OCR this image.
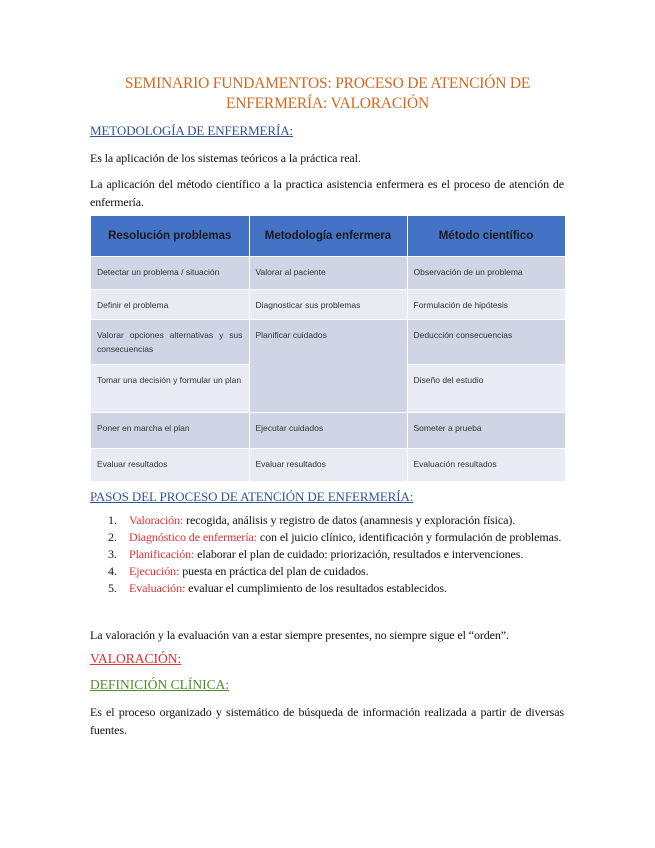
SEMINARIO FUNDAMENTOS: PROCESO DE ATENCIÓN DE ENFERMERÍA: VALORACIÓN
METODOLOGÍA DE ENFERMERÍA:
Es la aplicación de los sistemas teóricos a la práctica real.
La aplicación del método científico a la practica asistencia enfermera es el proceso de atención de enfermería.
Resolución problemas	Metodología enfermera	Método científico
Detectar un problema / situación	Valorar al paciente	Observación de un problema
Definir el problema	Diagnosticar sus problemas	Formulación de hipótesis
Valorar opciones alternativas y sus consecuencias	Planificar cuidados	Deducción consecuencias
Tomar una decisión y formular un plan		Diseño del estudio
Poner en marcha el plan	Ejecutar cuidados	Someter a prueba
Evaluar resultados	Evaluar resultados	Evaluación resultados
PASOS DEL PROCESO DE ATENCIÓN DE ENFERMERÍA:
1. Valoración: recogida, análisis y registro de datos (anamnesis y exploración física).
2. Diagnóstico de enfermería: con el juicio clínico, identificación y formulación de problemas.
3. Planificación: elaborar el plan de cuidado: priorización, resultados e intervenciones.
4. Ejecución: puesta en práctica del plan de cuidados.
5. Evaluación: evaluar el cumplimiento de los resultados establecidos.
La valoración y la evaluación van a estar siempre presentes, no siempre sigue el “orden”.
VALORACIÓN:
DEFINICIÓN CLÍNICA:
Es el proceso organizado y sistemático de búsqueda de información realizada a partir de diversas fuentes.
